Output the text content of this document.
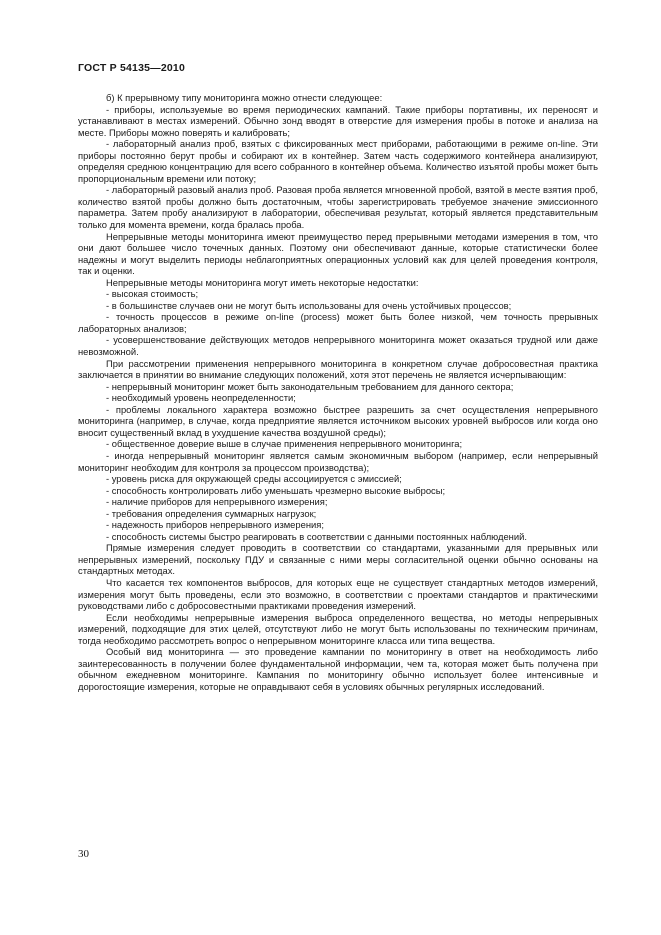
ГОСТ Р 54135—2010

б) К прерывному типу мониторинга можно отнести следующее:

- приборы, используемые во время периодических кампаний. Такие приборы портативны, их переносят и устанавливают в местах измерений. Обычно зонд вводят в отверстие для измерения пробы в потоке и анализа на месте. Приборы можно поверять и калибровать;

- лабораторный анализ проб, взятых с фиксированных мест приборами, работающими в режиме on-line. Эти приборы постоянно берут пробы и собирают их в контейнер. Затем часть содержимого контейнера анализируют, определяя среднюю концентрацию для всего собранного в контейнер объема. Количество изъятой пробы может быть пропорциональным времени или потоку;

- лабораторный разовый анализ проб. Разовая проба является мгновенной пробой, взятой в месте взятия проб, количество взятой пробы должно быть достаточным, чтобы зарегистрировать требуемое значение эмиссионного параметра. Затем пробу анализируют в лаборатории, обеспечивая результат, который является представительным только для момента времени, когда бралась проба.

Непрерывные методы мониторинга имеют преимущество перед прерывными методами измерения в том, что они дают большее число точечных данных. Поэтому они обеспечивают данные, которые статистически более надежны и могут выделить периоды неблагоприятных операционных условий как для целей проведения контроля, так и оценки.

Непрерывные методы мониторинга могут иметь некоторые недостатки:

- высокая стоимость;

- в большинстве случаев они не могут быть использованы для очень устойчивых процессов;

- точность процессов в режиме on-line (process) может быть более низкой, чем точность прерывных лабораторных анализов;

- усовершенствование действующих методов непрерывного мониторинга может оказаться трудной или даже невозможной.

При рассмотрении применения непрерывного мониторинга в конкретном случае добросовестная практика заключается в принятии во внимание следующих положений, хотя этот перечень не является исчерпывающим:

- непрерывный мониторинг может быть законодательным требованием для данного сектора;

- необходимый уровень неопределенности;

- проблемы локального характера возможно быстрее разрешить за счет осуществления непрерывного мониторинга (например, в случае, когда предприятие является источником высоких уровней выбросов или когда оно вносит существенный вклад в ухудшение качества воздушной среды);

- общественное доверие выше в случае применения непрерывного мониторинга;

- иногда непрерывный мониторинг является самым экономичным выбором (например, если непрерывный мониторинг необходим для контроля за процессом производства);

- уровень риска для окружающей среды ассоциируется с эмиссией;

- способность контролировать либо уменьшать чрезмерно высокие выбросы;

- наличие приборов для непрерывного измерения;

- требования определения суммарных нагрузок;

- надежность приборов непрерывного измерения;

- способность системы быстро реагировать в соответствии с данными постоянных наблюдений.

Прямые измерения следует проводить в соответствии со стандартами, указанными для прерывных или непрерывных измерений, поскольку ПДУ и связанные с ними меры согласительной оценки обычно основаны на стандартных методах.

Что касается тех компонентов выбросов, для которых еще не существует стандартных методов измерений, измерения могут быть проведены, если это возможно, в соответствии с проектами стандартов и практическими руководствами либо с добросовестными практиками проведения измерений.

Если необходимы непрерывные измерения выброса определенного вещества, но методы непрерывных измерений, подходящие для этих целей, отсутствуют либо не могут быть использованы по техническим причинам, тогда необходимо рассмотреть вопрос о непрерывном мониторинге класса или типа вещества.

Особый вид мониторинга — это проведение кампании по мониторингу в ответ на необходимость либо заинтересованность в получении более фундаментальной информации, чем та, которая может быть получена при обычном ежедневном мониторинге. Кампания по мониторингу обычно использует более интенсивные и дорогостоящие измерения, которые не оправдывают себя в условиях обычных регулярных исследований.

30
